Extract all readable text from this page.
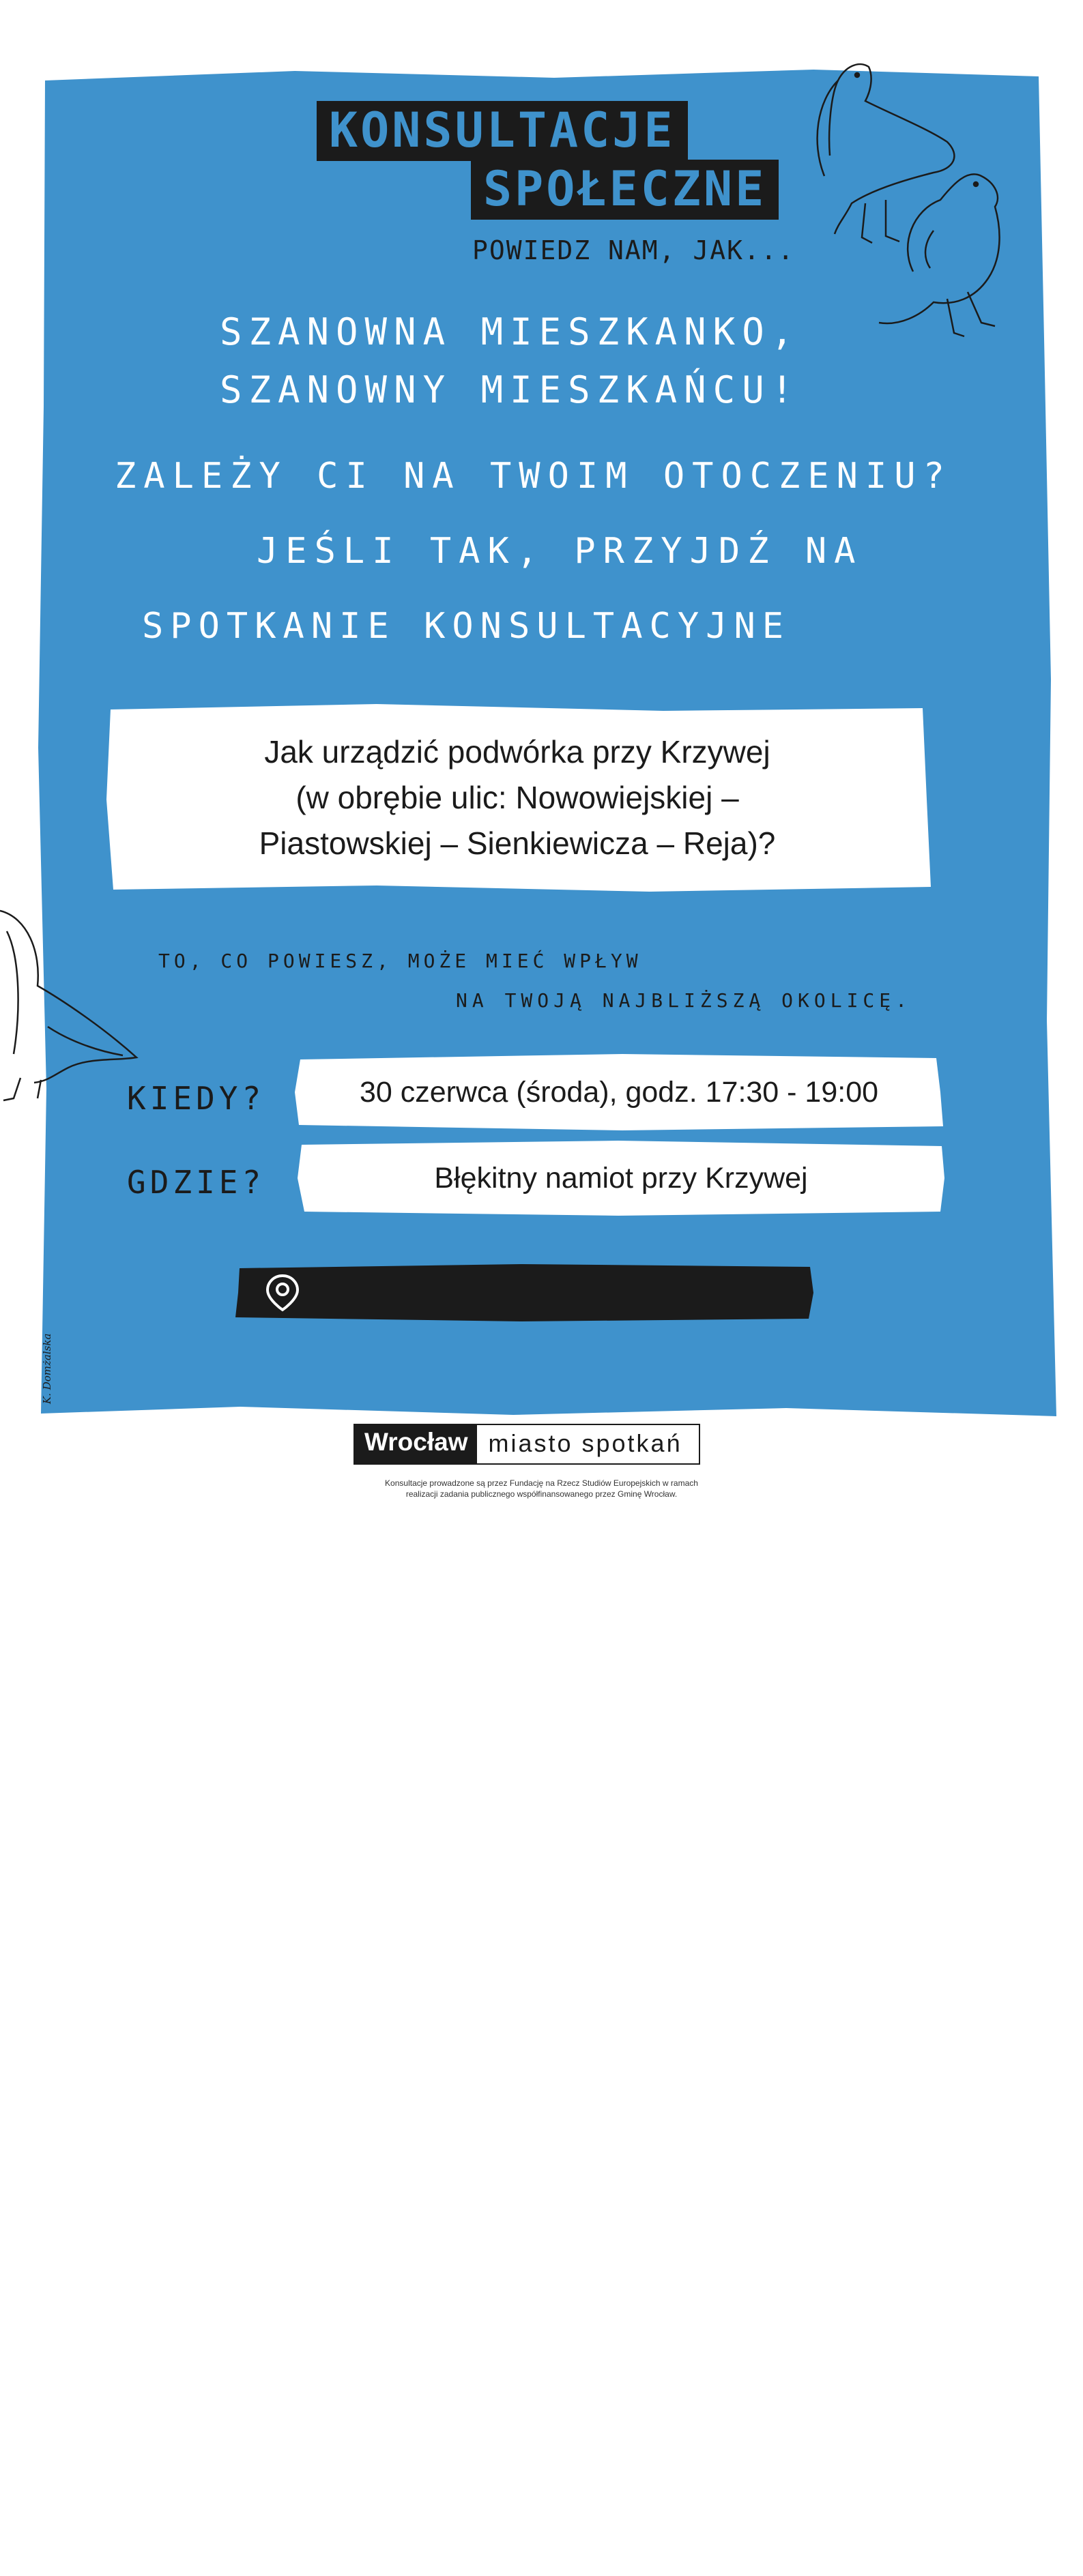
KONSULTACJE
SPOŁECZNE
POWIEDZ NAM, JAK...
SZANOWNA MIESZKANKO,
SZANOWNY MIESZKAŃCU!
ZALEŻY CI NA TWOIM OTOCZENIU?
JEŚLI TAK, PRZYJDŹ NA
SPOTKANIE KONSULTACYJNE
Jak urządzić podwórka przy Krzywej
(w obrębie ulic: Nowowiejskiej –
Piastowskiej – Sienkiewicza – Reja)?
TO, CO POWIESZ, MOŻE MIEĆ WPŁYW
NA TWOJĄ NAJBLIŻSZĄ OKOLICĘ.
KIEDY?	30 czerwca (środa), godz. 17:30 - 19:00
GDZIE?	Błękitny namiot przy Krzywej
www.wroclaw.pl/rozmawia
K. Domżalska
Wrocław miasto spotkań
Konsultacje prowadzone są przez Fundację na Rzecz Studiów Europejskich w ramach
realizacji zadania publicznego współfinansowanego przez Gminę Wrocław.
